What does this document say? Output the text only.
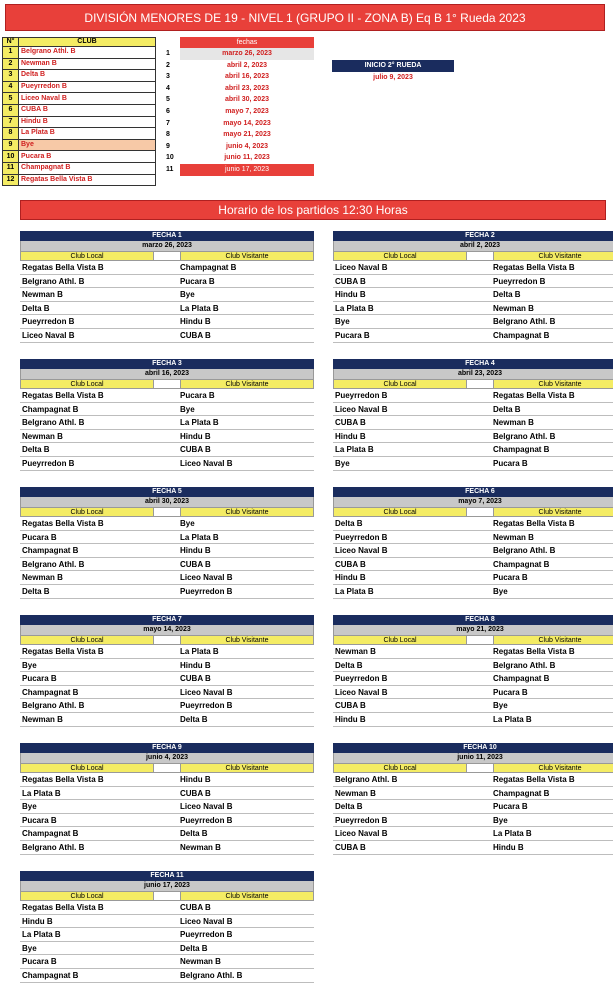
DIVISIÓN MENORES DE 19 - NIVEL 1 (GRUPO II - ZONA B) Eq B 1° Rueda 2023
N°	CLUB
1	Belgrano Athl. B
2	Newman B
3	Delta B
4	Pueyrredon B
5	Liceo Naval B
6	CUBA B
7	Hindu B
8	La Plata B
9	Bye
10	Pucara B
11	Champagnat B
12	Regatas Bella Vista B
fechas
1	marzo 26, 2023
2	abril 2, 2023
3	abril 16, 2023
4	abril 23, 2023
5	abril 30, 2023
6	mayo 7, 2023
7	mayo 14, 2023
8	mayo 21, 2023
9	junio 4, 2023
10	junio 11, 2023
11	junio 17, 2023
INICIO 2° RUEDA
julio 9, 2023
Horario de los partidos 12:30 Horas
FECHA 1
marzo 26, 2023
Club Local	Club Visitante
Regatas Bella Vista B	Champagnat B
Belgrano Athl. B	Pucara B
Newman B	Bye
Delta B	La Plata B
Pueyrredon B	Hindu B
Liceo Naval B	CUBA B
FECHA 2
abril 2, 2023
Club Local	Club Visitante
Liceo Naval B	Regatas Bella Vista B
CUBA B	Pueyrredon B
Hindu B	Delta B
La Plata B	Newman B
Bye	Belgrano Athl. B
Pucara B	Champagnat B
FECHA 3
abril 16, 2023
Club Local	Club Visitante
Regatas Bella Vista B	Pucara B
Champagnat B	Bye
Belgrano Athl. B	La Plata B
Newman B	Hindu B
Delta B	CUBA B
Pueyrredon B	Liceo Naval B
FECHA 4
abril 23, 2023
Club Local	Club Visitante
Pueyrredon B	Regatas Bella Vista B
Liceo Naval B	Delta B
CUBA B	Newman B
Hindu B	Belgrano Athl. B
La Plata B	Champagnat B
Bye	Pucara B
FECHA 5
abril 30, 2023
Club Local	Club Visitante
Regatas Bella Vista B	Bye
Pucara B	La Plata B
Champagnat B	Hindu B
Belgrano Athl. B	CUBA B
Newman B	Liceo Naval B
Delta B	Pueyrredon B
FECHA 6
mayo 7, 2023
Club Local	Club Visitante
Delta B	Regatas Bella Vista B
Pueyrredon B	Newman B
Liceo Naval B	Belgrano Athl. B
CUBA B	Champagnat B
Hindu B	Pucara B
La Plata B	Bye
FECHA 7
mayo 14, 2023
Club Local	Club Visitante
Regatas Bella Vista B	La Plata B
Bye	Hindu B
Pucara B	CUBA B
Champagnat B	Liceo Naval B
Belgrano Athl. B	Pueyrredon B
Newman B	Delta B
FECHA 8
mayo 21, 2023
Club Local	Club Visitante
Newman B	Regatas Bella Vista B
Delta B	Belgrano Athl. B
Pueyrredon B	Champagnat B
Liceo Naval B	Pucara B
CUBA B	Bye
Hindu B	La Plata B
FECHA 9
junio 4, 2023
Club Local	Club Visitante
Regatas Bella Vista B	Hindu B
La Plata B	CUBA B
Bye	Liceo Naval B
Pucara B	Pueyrredon B
Champagnat B	Delta B
Belgrano Athl. B	Newman B
FECHA 10
junio 11, 2023
Club Local	Club Visitante
Belgrano Athl. B	Regatas Bella Vista B
Newman B	Champagnat B
Delta B	Pucara B
Pueyrredon B	Bye
Liceo Naval B	La Plata B
CUBA B	Hindu B
FECHA 11
junio 17, 2023
Club Local	Club Visitante
Regatas Bella Vista B	CUBA B
Hindu B	Liceo Naval B
La Plata B	Pueyrredon B
Bye	Delta B
Pucara B	Newman B
Champagnat B	Belgrano Athl. B
